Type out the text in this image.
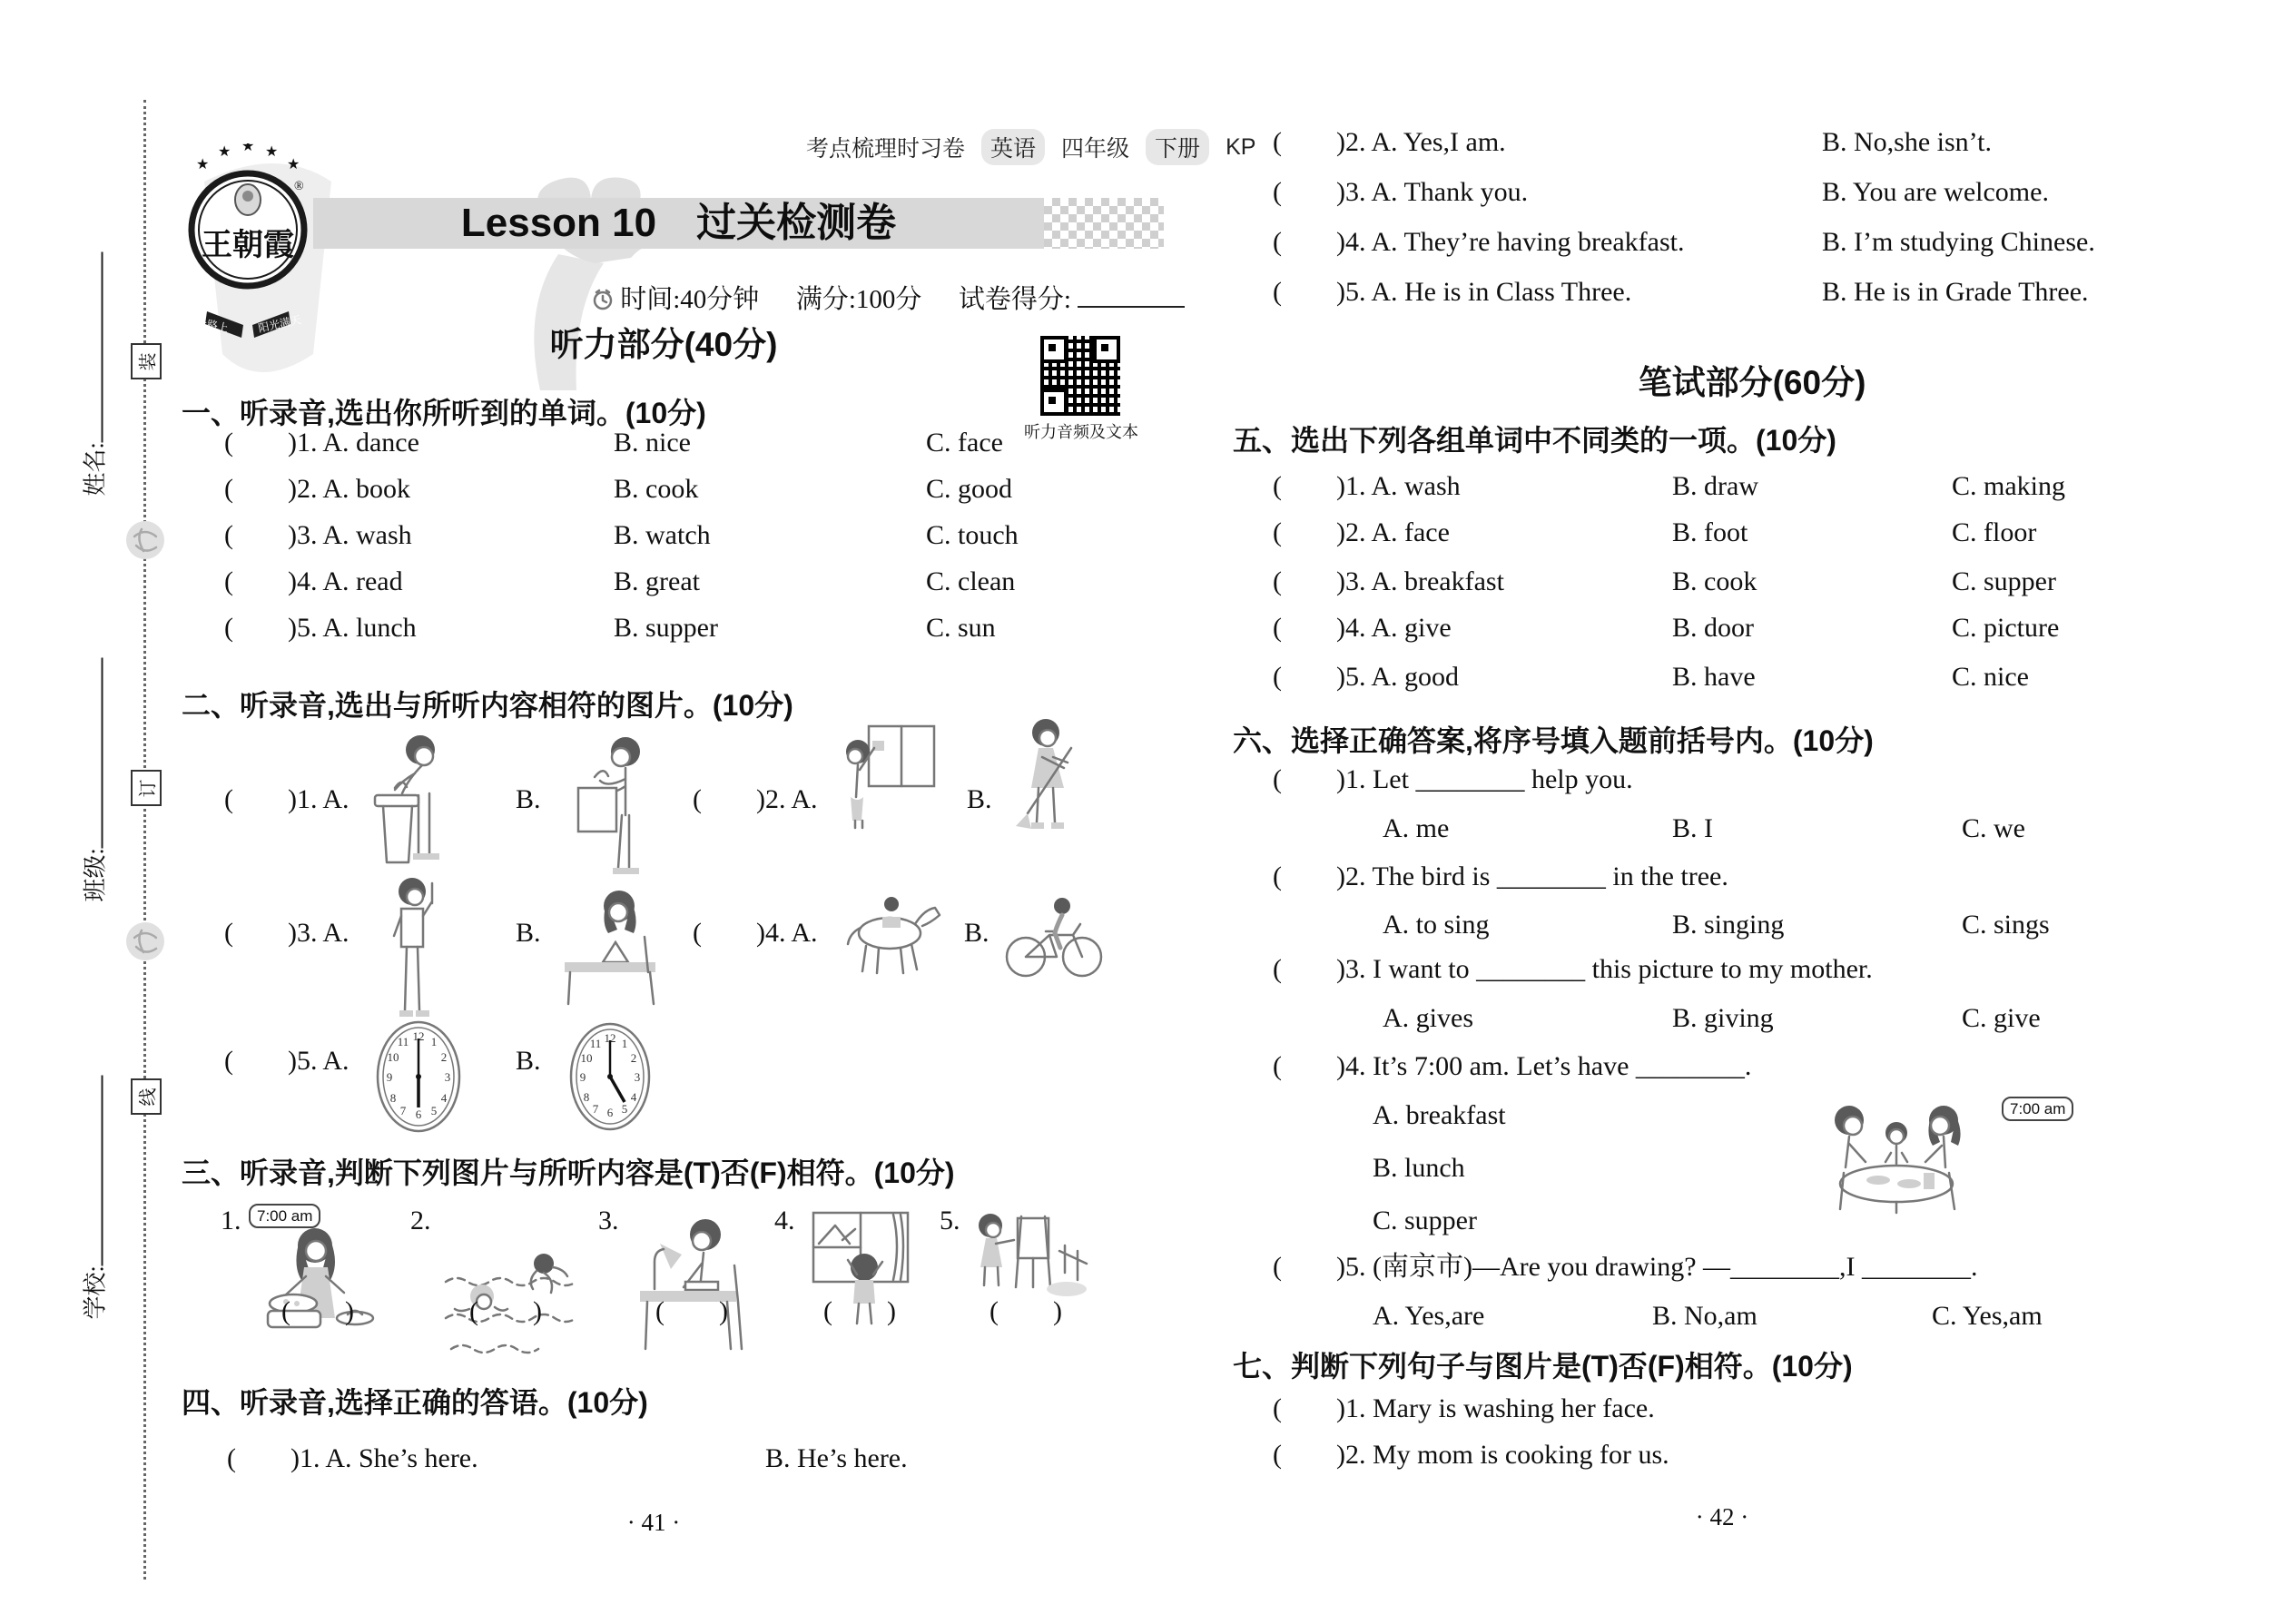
装
订
线
姓名:
班级:
学校:
★
★ ★ ★
★
王朝霞
®
成长路上	阳光满天
考点梳理时习卷	英语	四年级	下册	KP
Lesson 10　过关检测卷
时间:40分钟 满分:100分 试卷得分:
听力部分(40分)
听力音频及文本
一、听录音,选出你所听到的单词。(10分)
(　　)1. A. dance	B. nice	C. face
(　　)2. A. book	B. cook	C. good
(　　)3. A. wash	B. watch	C. touch
(　　)4. A. read	B. great	C. clean
(　　)5. A. lunch	B. supper	C. sun
二、听录音,选出与所听内容相符的图片。(10分)
(　　)1. A.	B.	(　　)2. A.	B.
(　　)3. A.	B.	(　　)4. A.	B.
(　　)5. A.
12
3
6
9
1
2
4
5
7
8
10
11
B.
12
3
6
9
1
2
4
5
7
8
10
11
三、听录音,判断下列图片与所听内容是(T)否(F)相符。(10分)
1.	7:00 am	2.	3.	4.	5.
(　　)	(　　)	(　　)	(　　)	(　　)
四、听录音,选择正确的答语。(10分)
(　　)1. A. She’s here.	B. He’s here.
· 41 ·
(　　)2. A. Yes,I am.	B. No,she isn’t.
(　　)3. A. Thank you.	B. You are welcome.
(　　)4. A. They’re having breakfast.	B. I’m studying Chinese.
(　　)5. A. He is in Class Three.	B. He is in Grade Three.
笔试部分(60分)
五、选出下列各组单词中不同类的一项。(10分)
(　　)1. A. wash	B. draw	C. making
(　　)2. A. face	B. foot	C. floor
(　　)3. A. breakfast	B. cook	C. supper
(　　)4. A. give	B. door	C. picture
(　　)5. A. good	B. have	C. nice
六、选择正确答案,将序号填入题前括号内。(10分)
(　　)1. Let ________ help you.
A. me	B. I	C. we
(　　)2. The bird is ________ in the tree.
A. to sing	B. singing	C. sings
(　　)3. I want to ________ this picture to my mother.
A. gives	B. giving	C. give
(　　)4. It’s 7:00 am. Let’s have ________.
A. breakfast
B. lunch
C. supper
7:00 am
(　　)5. (南京市)—Are you drawing? —________,I ________.
A. Yes,are	B. No,am	C. Yes,am
七、判断下列句子与图片是(T)否(F)相符。(10分)
(　　)1. Mary is washing her face.
(　　)2. My mom is cooking for us.
· 42 ·
